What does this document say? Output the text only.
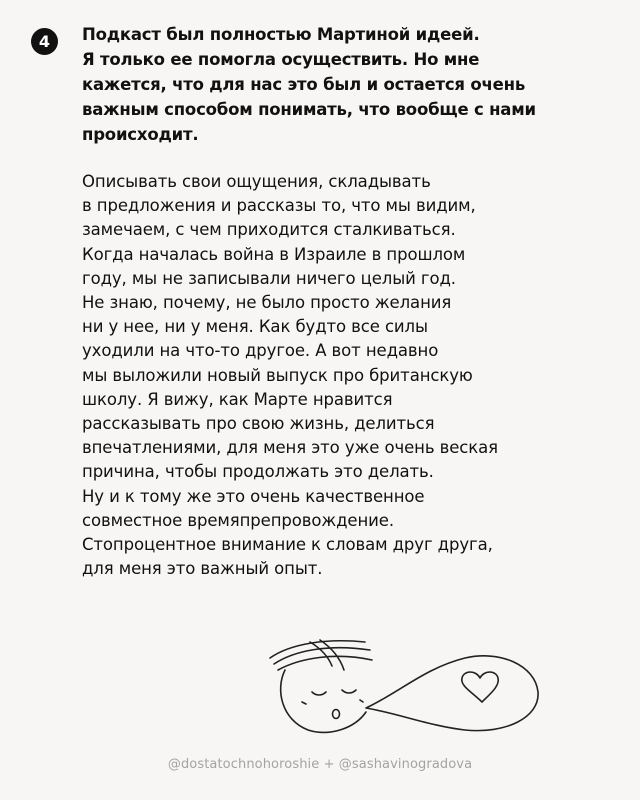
4	Подкаст был полностью Мартиной идеей.
Я только ее помогла осуществить. Но мне
кажется, что для нас это был и остается очень
важным способом понимать, что вообще с нами
происходит.

Описывать свои ощущения, складывать
в предложения и рассказы то, что мы видим,
замечаем, с чем приходится сталкиваться.
Когда началась война в Израиле в прошлом
году, мы не записывали ничего целый год.
Не знаю, почему, не было просто желания
ни у нее, ни у меня. Как будто все силы
уходили на что-то другое. А вот недавно
мы выложили новый выпуск про британскую
школу. Я вижу, как Марте нравится
рассказывать про свою жизнь, делиться
впечатлениями, для меня это уже очень веская
причина, чтобы продолжать это делать.
Ну и к тому же это очень качественное
совместное времяпрепровождение.
Стопроцентное внимание к словам друг друга,
для меня это важный опыт.

@dostatochnohoroshie + @sashavinogradova
